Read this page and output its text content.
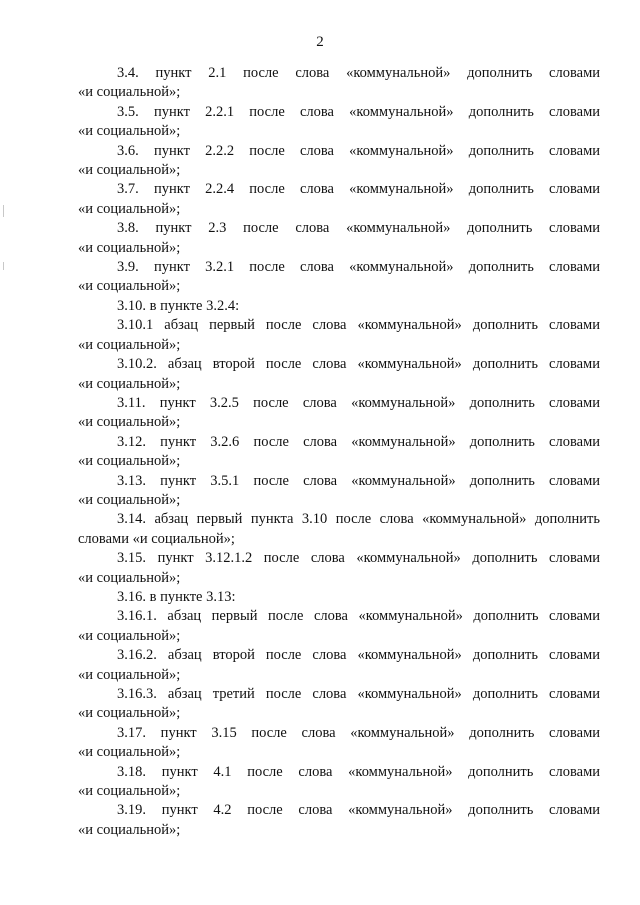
2

3.4. пункт 2.1 после слова «коммунальной» дополнить словами
«и социальной»;

3.5. пункт 2.2.1 после слова «коммунальной» дополнить словами
«и социальной»;

3.6. пункт 2.2.2 после слова «коммунальной» дополнить словами
«и социальной»;

3.7. пункт 2.2.4 после слова «коммунальной» дополнить словами
«и социальной»;

3.8. пункт 2.3 после слова «коммунальной» дополнить словами
«и социальной»;

3.9. пункт 3.2.1 после слова «коммунальной» дополнить словами
«и социальной»;

3.10. в пункте 3.2.4:

3.10.1 абзац первый после слова «коммунальной» дополнить словами
«и социальной»;

3.10.2. абзац второй после слова «коммунальной» дополнить словами
«и социальной»;

3.11. пункт 3.2.5 после слова «коммунальной» дополнить словами
«и социальной»;

3.12. пункт 3.2.6 после слова «коммунальной» дополнить словами
«и социальной»;

3.13. пункт 3.5.1 после слова «коммунальной» дополнить словами
«и социальной»;

3.14. абзац первый пункта 3.10 после слова «коммунальной» дополнить
словами «и социальной»;

3.15. пункт 3.12.1.2 после слова «коммунальной» дополнить словами
«и социальной»;

3.16. в пункте 3.13:

3.16.1. абзац первый после слова «коммунальной» дополнить словами
«и социальной»;

3.16.2. абзац второй после слова «коммунальной» дополнить словами
«и социальной»;

3.16.3. абзац третий после слова «коммунальной» дополнить словами
«и социальной»;

3.17. пункт 3.15 после слова «коммунальной» дополнить словами
«и социальной»;

3.18. пункт 4.1 после слова «коммунальной» дополнить словами
«и социальной»;

3.19. пункт 4.2 после слова «коммунальной» дополнить словами
«и социальной»;
